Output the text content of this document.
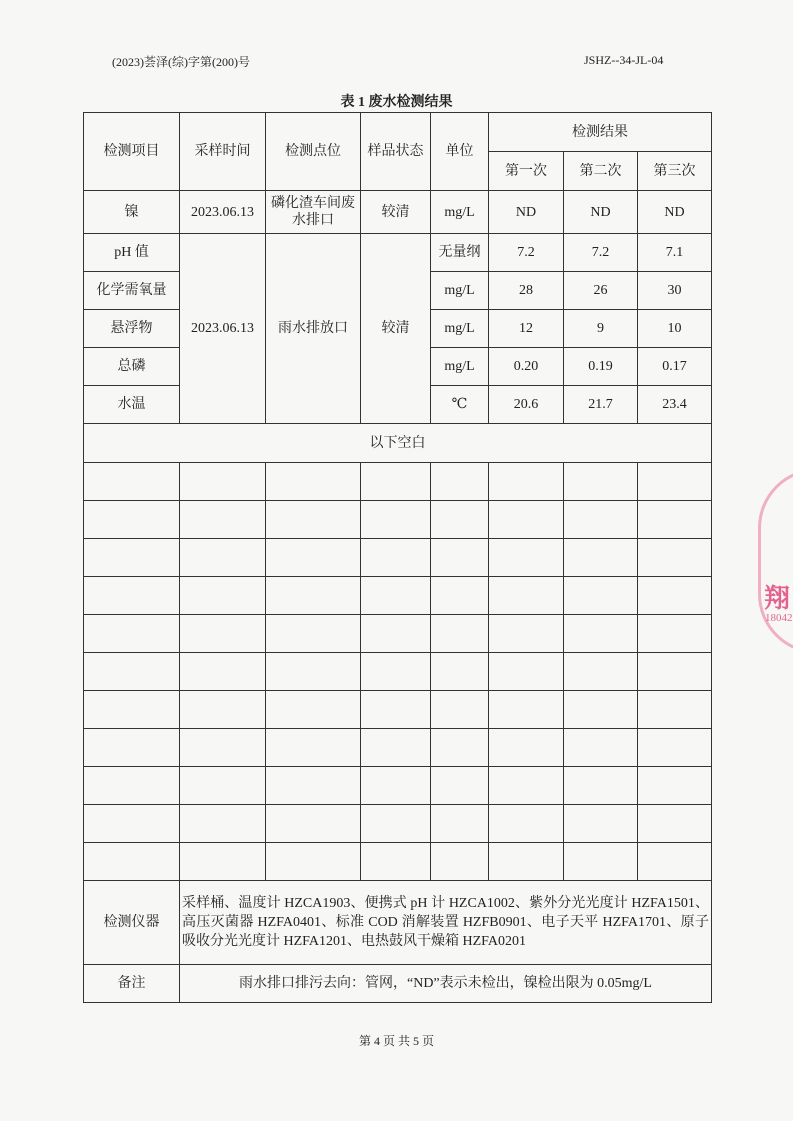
(2023)荟泽(综)字第(200)号	JSHZ--34-JL-04
表 1 废水检测结果
检测项目	采样时间	检测点位	样品状态	单位	检测结果		
					第一次	第二次	第三次
镍	2023.06.13	磷化渣车间废水排口	较清	mg/L	ND	ND	ND
pH 值	2023.06.13	雨水排放口	较清	无量纲	7.2	7.2	7.1
化学需氧量				mg/L	28	26	30
悬浮物				mg/L	12	9	10
总磷				mg/L	0.20	0.19	0.17
水温				℃	20.6	21.7	23.4
以下空白							

检测仪器	采样桶、温度计 HZCA1903、便携式 pH 计 HZCA1002、紫外分光光度计 HZFA1501、高压灭菌器 HZFA0401、标准 COD 消解装置 HZFB0901、电子天平 HZFA1701、原子吸收分光光度计 HZFA1201、电热鼓风干燥箱 HZFA0201						
备注	雨水排口排污去向：管网，“ND”表示未检出，镍检出限为 0.05mg/L						
翔
18042
第 4 页 共 5 页
